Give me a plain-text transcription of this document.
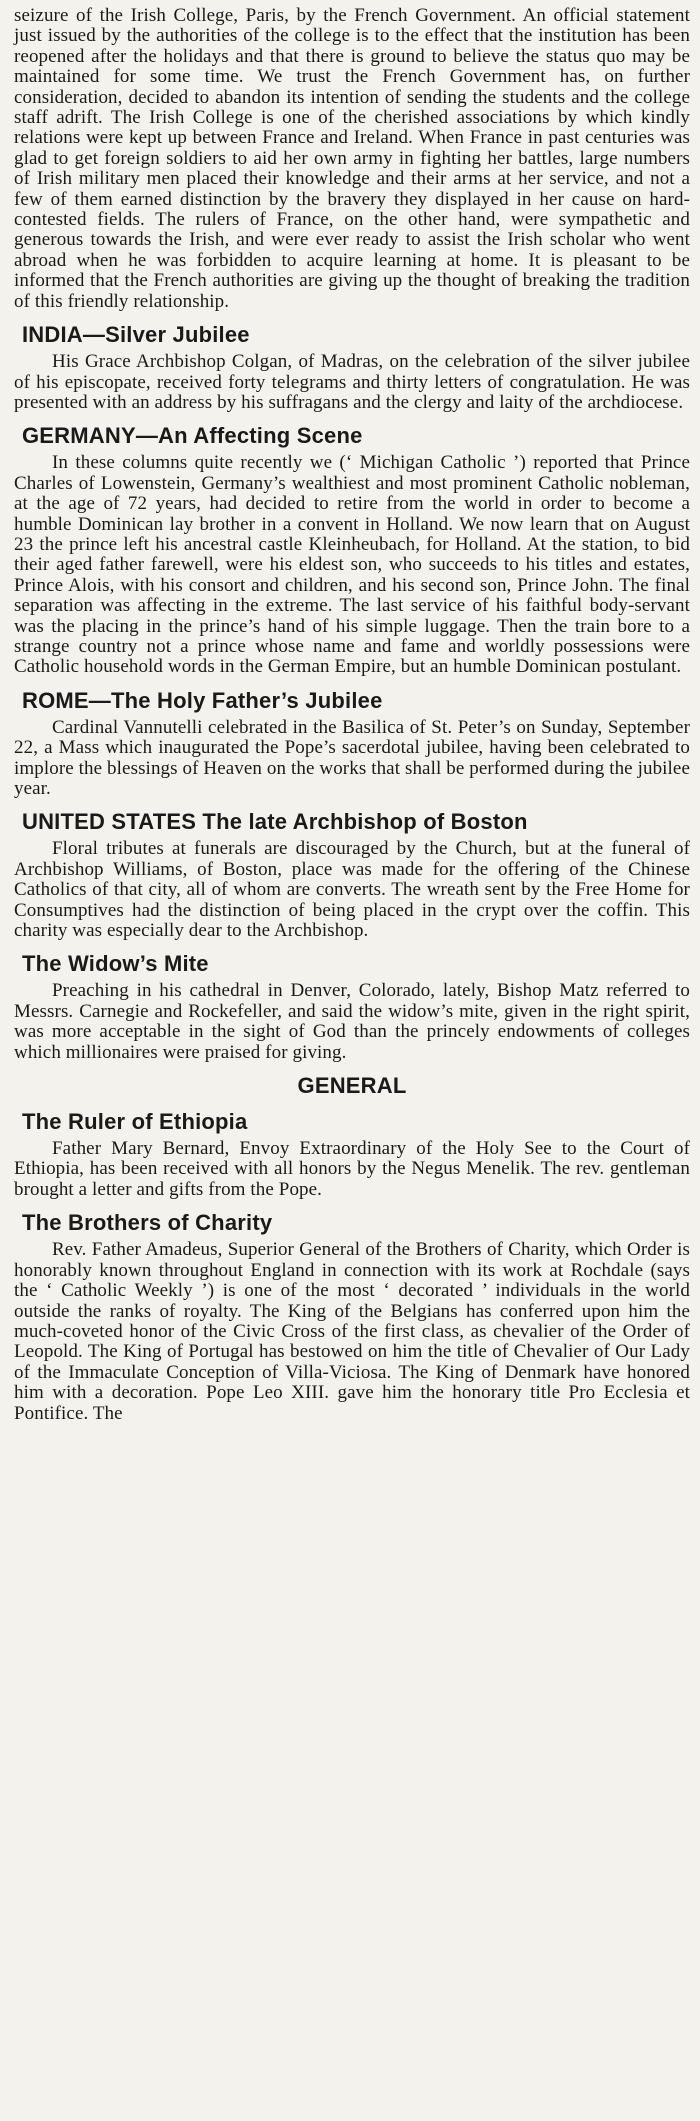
seizure of the Irish College, Paris, by the French Government. An official statement just issued by the authorities of the college is to the effect that the institution has been reopened after the holidays and that there is ground to believe the status quo may be maintained for some time. We trust the French Government has, on further consideration, decided to abandon its intention of sending the students and the college staff adrift. The Irish College is one of the cherished associations by which kindly relations were kept up between France and Ireland. When France in past centuries was glad to get foreign soldiers to aid her own army in fighting her battles, large numbers of Irish military men placed their knowledge and their arms at her service, and not a few of them earned distinction by the bravery they displayed in her cause on hard-contested fields. The rulers of France, on the other hand, were sympathetic and generous towards the Irish, and were ever ready to assist the Irish scholar who went abroad when he was forbidden to acquire learning at home. It is pleasant to be informed that the French authorities are giving up the thought of breaking the tradition of this friendly relationship.

INDIA—Silver Jubilee

His Grace Archbishop Colgan, of Madras, on the celebration of the silver jubilee of his episcopate, received forty telegrams and thirty letters of congratulation. He was presented with an address by his suffragans and the clergy and laity of the archdiocese.

GERMANY—An Affecting Scene

In these columns quite recently we (‘ Michigan Catholic ’) reported that Prince Charles of Lowenstein, Germany’s wealthiest and most prominent Catholic nobleman, at the age of 72 years, had decided to retire from the world in order to become a humble Dominican lay brother in a convent in Holland. We now learn that on August 23 the prince left his ancestral castle Kleinheubach, for Holland. At the station, to bid their aged father farewell, were his eldest son, who succeeds to his titles and estates, Prince Alois, with his consort and children, and his second son, Prince John. The final separation was affecting in the extreme. The last service of his faithful body-servant was the placing in the prince’s hand of his simple luggage. Then the train bore to a strange country not a prince whose name and fame and worldly possessions were Catholic household words in the German Empire, but an humble Dominican postulant.

ROME—The Holy Father’s Jubilee

Cardinal Vannutelli celebrated in the Basilica of St. Peter’s on Sunday, September 22, a Mass which inaugurated the Pope’s sacerdotal jubilee, having been celebrated to implore the blessings of Heaven on the works that shall be performed during the jubilee year.

UNITED STATES The late Archbishop of Boston

Floral tributes at funerals are discouraged by the Church, but at the funeral of Archbishop Williams, of Boston, place was made for the offering of the Chinese Catholics of that city, all of whom are converts. The wreath sent by the Free Home for Consumptives had the distinction of being placed in the crypt over the coffin. This charity was especially dear to the Archbishop.

The Widow’s Mite

Preaching in his cathedral in Denver, Colorado, lately, Bishop Matz referred to Messrs. Carnegie and Rockefeller, and said the widow’s mite, given in the right spirit, was more acceptable in the sight of God than the princely endowments of colleges which millionaires were praised for giving.

GENERAL
The Ruler of Ethiopia

Father Mary Bernard, Envoy Extraordinary of the Holy See to the Court of Ethiopia, has been received with all honors by the Negus Menelik. The rev. gentleman brought a letter and gifts from the Pope.

The Brothers of Charity

Rev. Father Amadeus, Superior General of the Brothers of Charity, which Order is honorably known throughout England in connection with its work at Rochdale (says the ‘ Catholic Weekly ’) is one of the most ‘ decorated ’ individuals in the world outside the ranks of royalty. The King of the Belgians has conferred upon him the much-coveted honor of the Civic Cross of the first class, as chevalier of the Order of Leopold. The King of Portugal has bestowed on him the title of Chevalier of Our Lady of the Immaculate Conception of Villa-Viciosa. The King of Denmark have honored him with a decoration. Pope Leo XIII. gave him the honorary title Pro Ecclesia et Pontifice. The
